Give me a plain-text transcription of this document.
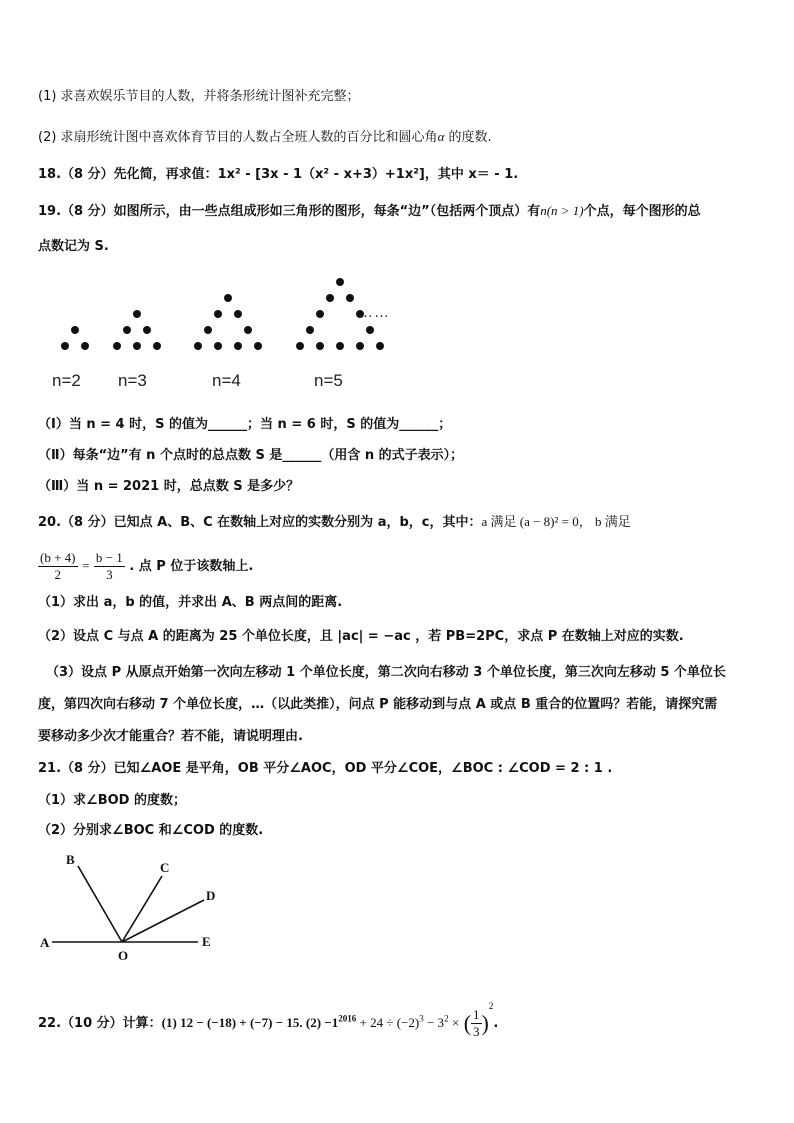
(1) 求喜欢娱乐节目的人数，并将条形统计图补充完整；
(2) 求扇形统计图中喜欢体育节目的人数占全班人数的百分比和圆心角α 的度数.
18.（8 分）先化简，再求值：1x² - [3x - 1（x² - x+3）+1x²]，其中 x＝ - 1.
19.（8 分）如图所示，由一些点组成形如三角形的图形，每条“边”（包括两个顶点）有n(n > 1)个点，每个图形的总
点数记为 S.
……
n=2 n=3	n=4	n=5
（Ⅰ）当 n = 4 时，S 的值为______；当 n = 6 时，S 的值为______；
（Ⅱ）每条“边”有 n 个点时的总点数 S 是______（用含 n 的式子表示）；
（Ⅲ）当 n = 2021 时，总点数 S 是多少？
20.（8 分）已知点 A、B、C 在数轴上对应的实数分别为 a，b，c，其中：a 满足 (a − 8)² = 0， b 满足
$\frac{(b + 4)}{2} = \frac{b - 1}{3}$ . 点 P 位于该数轴上.
（1）求出 a，b 的值，并求出 A、B 两点间的距离.
（2）设点 C 与点 A 的距离为 25 个单位长度，且 |ac| = −ac ，若 PB=2PC，求点 P 在数轴上对应的实数.
（3）设点 P 从原点开始第一次向左移动 1 个单位长度，第二次向右移动 3 个单位长度，第三次向左移动 5 个单位长
度，第四次向右移动 7 个单位长度，…（以此类推），问点 P 能移动到与点 A 或点 B 重合的位置吗？若能，请探究需
要移动多少次才能重合？若不能，请说明理由.
21.（8 分）已知∠AOE 是平角，OB 平分∠AOC，OD 平分∠COE，∠BOC : ∠COD = 2 : 1 .
（1）求∠BOD 的度数；
（2）分别求∠BOC 和∠COD 的度数.
A	E
B
C
D
O
22.（10 分）计算：(1) 12 − (−18) + (−7) − 15. $(2) -1^{2016} + 24 \div (-2)^3 - 3^2$ × ( $\frac{1}{3} )^2$.
